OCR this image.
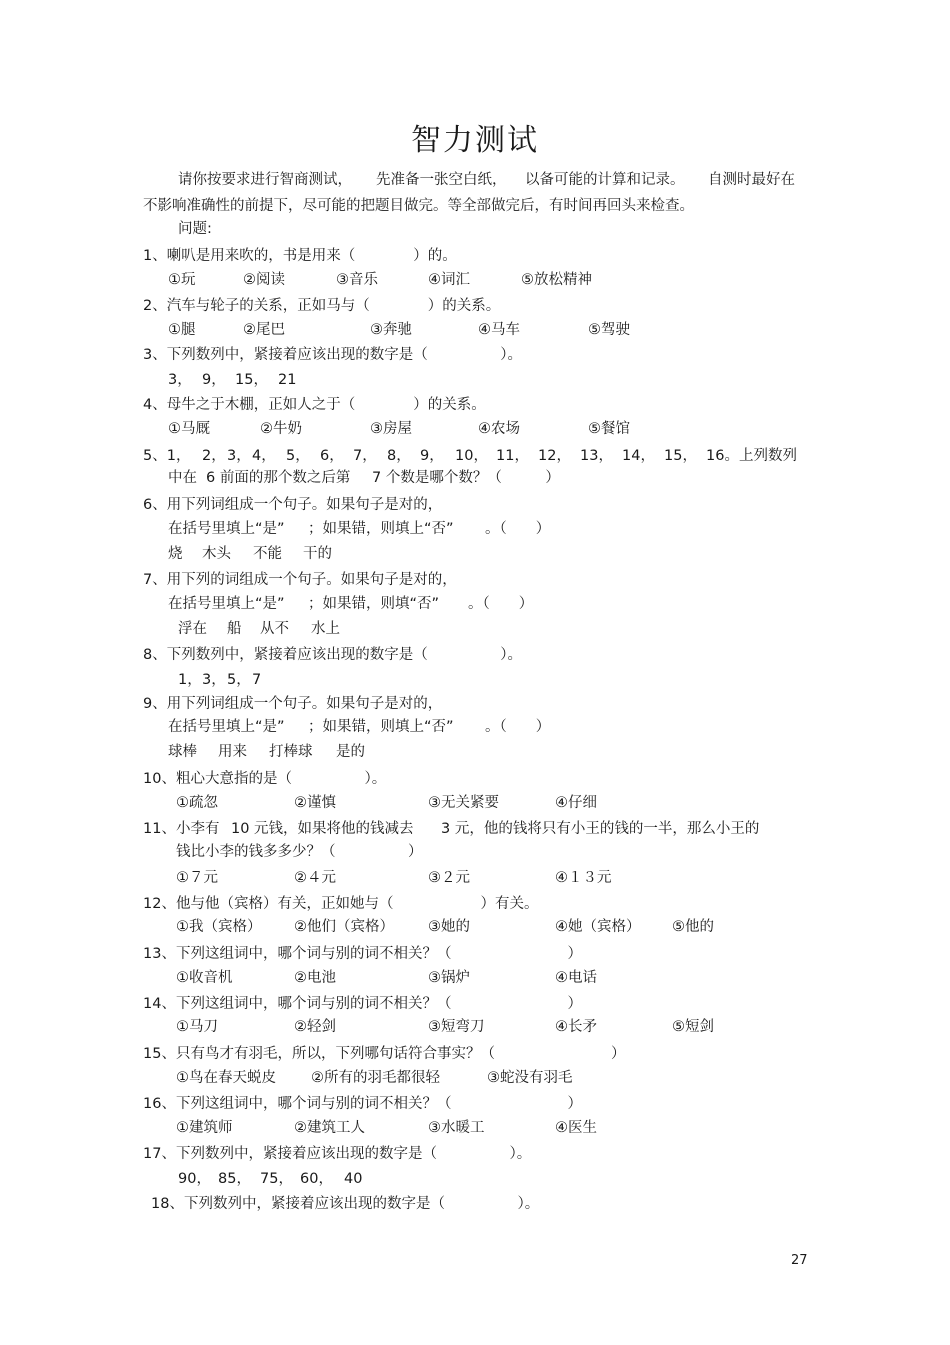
智力测试
请你按要求进行智商测试， 先准备一张空白纸， 以备可能的计算和记录。 自测时最好在
不影响准确性的前提下，尽可能的把题目做完。等全部做完后，有时间再回头来检查。
问题:
1、喇叭是用来吹的，书是用来（　　　　）的。
①玩	②阅读	③音乐	④词汇	⑤放松精神
2、汽车与轮子的关系，正如马与（　　　　）的关系。
①腿	②尾巴	③奔驰	④马车	⑤驾驶
3、下列数列中，紧接着应该出现的数字是（　　　　　）。
3， 9， 15， 21
4、母牛之于木棚，正如人之于（　　　　）的关系。
①马厩	②牛奶	③房屋	④农场	⑤餐馆
5、1， 2， 3， 4， 5， 6， 7， 8， 9， 10， 11， 12， 13， 14， 15， 16。上列数列
中在 6 前面的那个数之后第 7 个数是哪个数？（　　　）
6、用下列词组成一个句子。如果句子是对的，
在括号里填上“是” ；如果错，则填上“否” 。（　　）
烧 木头 不能 干的
7、用下列的词组成一个句子。如果句子是对的，
在括号里填上“是” ；如果错，则填“否” 。（　　）
浮在 船 从不 水上
8、下列数列中，紧接着应该出现的数字是（　　　　　）。
1， 3， 5， 7
9、用下列词组成一个句子。如果句子是对的，
在括号里填上“是” ；如果错，则填上“否” 。（　　）
球棒 用来 打棒球 是的
10、粗心大意指的是（　　　　　）。
①疏忽	②谨慎	③无关紧要	④仔细
11、小李有 10 元钱，如果将他的钱减去 3 元，他的钱将只有小王的钱的一半，那么小王的
钱比小李的钱多多少？（　　　　　）
①７元	②４元	③２元	④１３元
12、他与他（宾格）有关，正如她与（　　　　　　）有关。
①我（宾格） ②他们（宾格） ③她的	④她（宾格） ⑤他的
13、下列这组词中，哪个词与别的词不相关？（　　　　　　　　）
①收音机	②电池	③锅炉	④电话
14、下列这组词中，哪个词与别的词不相关？（　　　　　　　　）
①马刀	②轻剑	③短弯刀	④长矛	⑤短剑
15、只有鸟才有羽毛，所以，下列哪句话符合事实？（　　　　　　　　）
①鸟在春天蜕皮 ②所有的羽毛都很轻	③蛇没有羽毛
16、下列这组词中，哪个词与别的词不相关？（　　　　　　　　）
①建筑师	②建筑工人	③水暖工	④医生
17、下列数列中，紧接着应该出现的数字是（　　　　　）。
90， 85， 75， 60， 40
18、下列数列中，紧接着应该出现的数字是（　　　　　）。
27
